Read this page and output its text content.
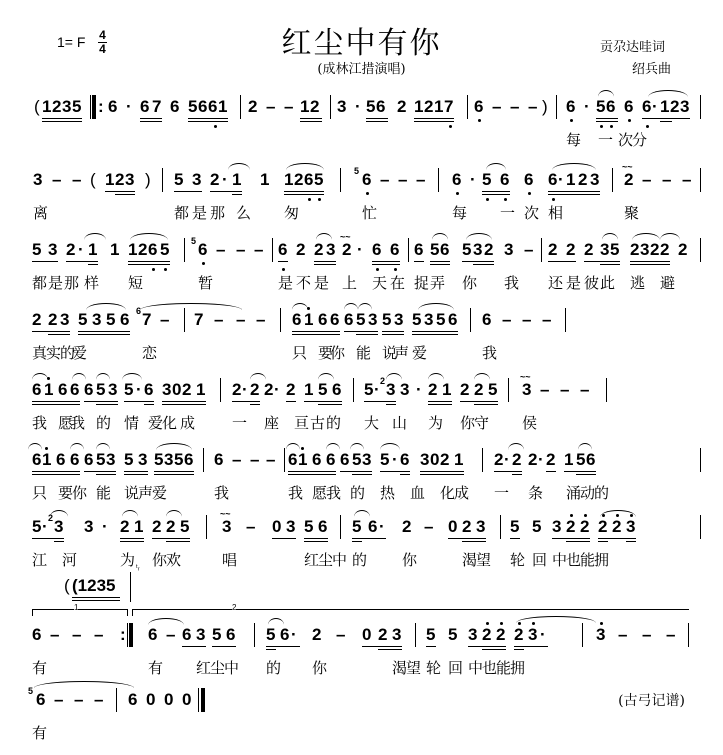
红尘中有你
(成林江措演唱)
1= F 4
4	贡尕达哇词
绍兵曲
( 1 2 3 5 : 6 · 6 7 6 5 6 6 1 2 – – 1 2 3 · 5 6 2 1 2 1 7 6 – – – ) 6 · 5 6 6 6 · 1 2 3
每 一 次
分
3 – – ( 1 2 3 ) 5 3 2 · 1 1 1 2 6 5	5 6 – – – 6 · 5 6 6 6 · 1 2 3 2
~~
– – –
离	都 是 那 么 匆	忙	每 一 次 相	聚
5 3 2 · 1 1 1 2 6 5 5 6 – – – 6 2 2 3 2
~~
· 6 6 6 5 6 5 3 2 3 – 2 2 2 3 5 2 3 2 2 2
都 是 那 样 短	暂	是 不 是 上 天 在 捉 弄 你 我 还 是 彼 此 逃 避
2 2 3 5 3 5 6 6 7 – 7 – – – 6 1 6 6 6 5 3 5 3 5 3 5 6 6 – – –
真
实
的
爱	恋	只 要
你 能 说
声 爱	我
6 1 6 6 6 5 3 5 · 6 3 0 2 1 2 · 2 2 · 2 1 5 6 5 · 2 3 3 · 2 1 2 2 5 3
~~
– – –
我 愿
我 的 情 爱
化 成 一 座 亘 古 的 大 山 为 你
守 侯
6 1 6 6 6 5 3 5 3 5 3 5 6 6 – – – 6 1 6 6 6 5 3 5 · 6 3 0 2 1 2 · 2 2 · 2 1 5 6
只 要
你 能 说
声
爱	我	我 愿
我 的 热 血 化
成 一 条 涌
动
的
5 · 2 3 3 · 2 1 2 2 5 3
~~
– 0 3 5 6 5 6 · 2 – 0 2 3 5 5 3 2 2 2 2 3
江 河	为 你
欢	唱	红
尘
中 的 你	渴
望 轮 回 中
也
能
拥
( (1235
ᵗᵣ
1	2
6 – – – : 6 – 6 3 5 6 5 6 · 2 – 0 2 3 5 5 3 2 2 2 3 ·	3 – – –
有	有 红
尘
中 的 你	渴
望 轮 回 中
也
能
拥
5 6 – – – 6 0 0 0
有
(古弓记谱)
